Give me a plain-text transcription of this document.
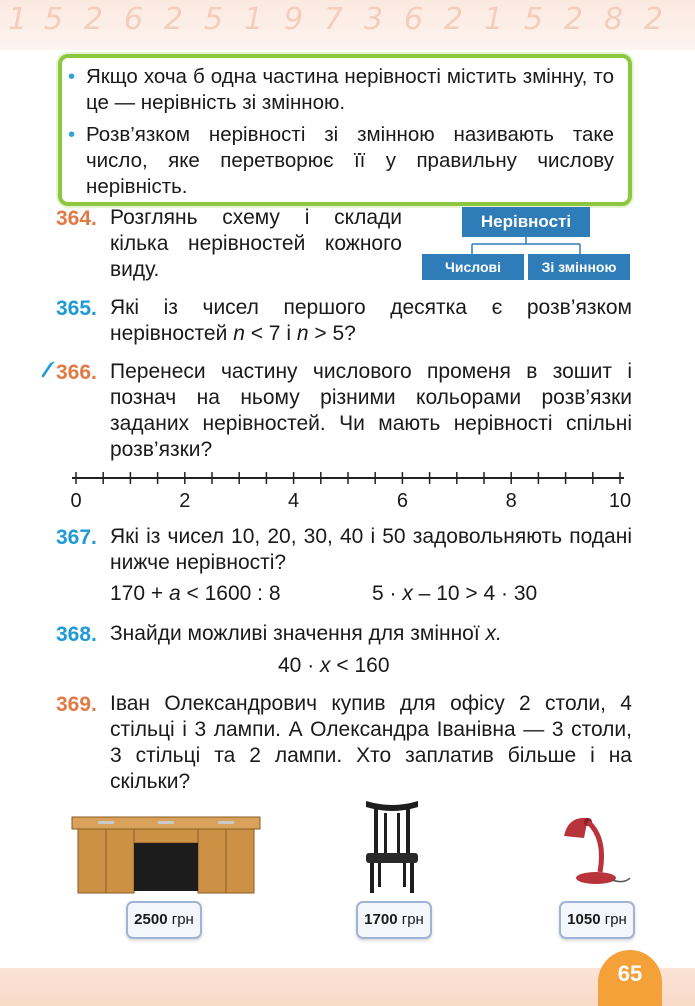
1 5 2 6 2 5 1 9 7 3 6 2 1 5 2 8 2
• Якщо хоча б одна частина нерівності містить змінну, то це — нерівність зі змінною.
• Розв’язком нерівності зі змінною називають таке число, яке перетворює її у правильну числову нерівність.
364. Розглянь схему і склади кілька нерівностей кожного виду.
Нерівності
Числові	Зі змінною
365. Які із чисел першого десятка є розв’язком нерівностей n < 7 і n > 5?
366. Перенеси частину числового променя в зошит і познач на ньому різними кольорами розв’язки заданих нерівностей. Чи мають нерівності спільні розв’язки?
0	2	4	6	8	10
367. Які із чисел 10, 20, 30, 40 і 50 задовольняють подані нижче нерівності?
170 + a < 1600 : 8	5 · x – 10 > 4 · 30
368. Знайди можливі значення для змінної x.
40 · x < 160
369. Іван Олександрович купив для офісу 2 столи, 4 стільці і 3 лампи. А Олександра Іванівна — 3 столи, 3 стільці та 2 лампи. Хто заплатив більше і на скільки?
2500 грн	1700 грн	1050 грн
65
